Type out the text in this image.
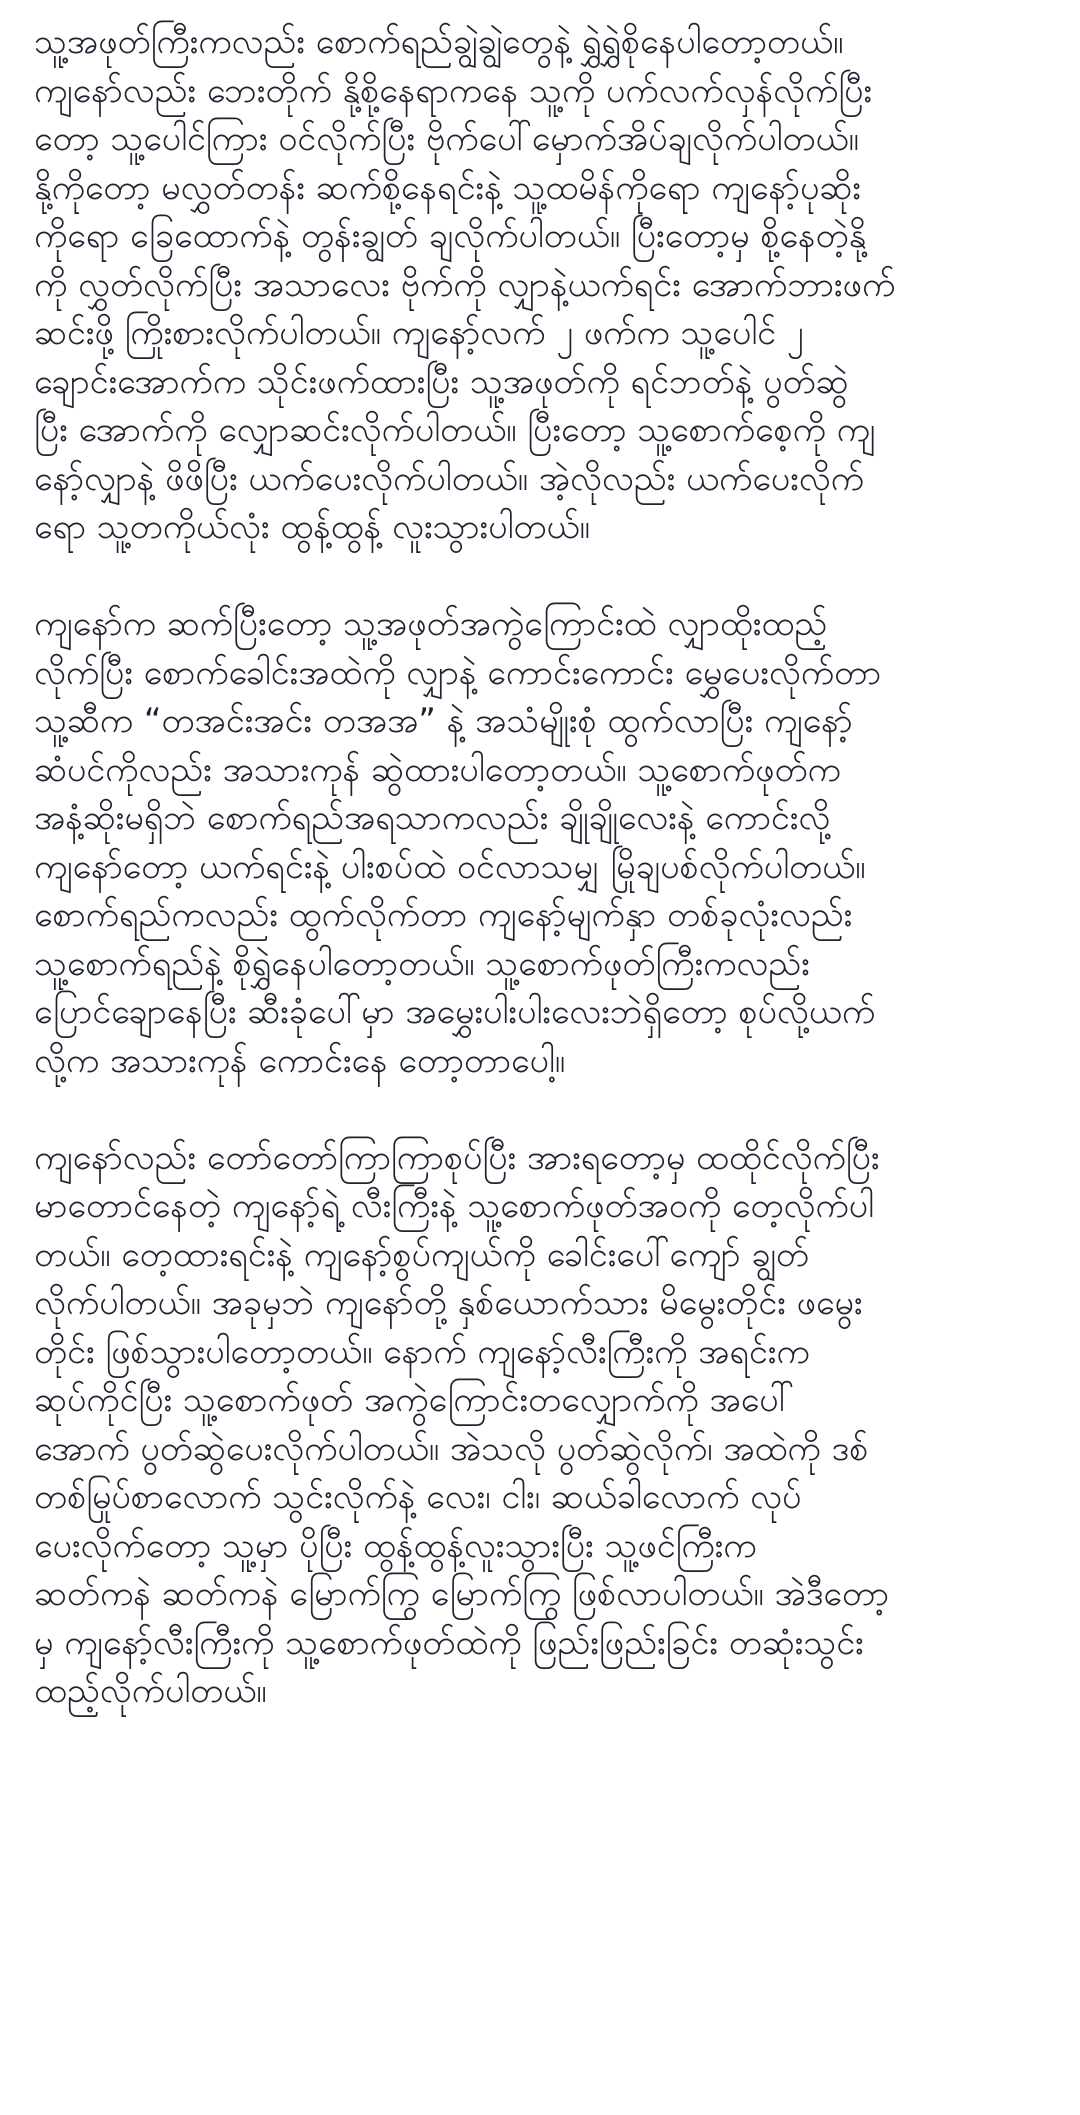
သူ့အဖုတ်ကြီးကလည်း စောက်ရည်ချွဲချွဲတွေနဲ့ ရွှဲရွှဲစိုနေပါတော့တယ်။
ကျနော်လည်း ဘေးတိုက် နို့စို့နေရာကနေ သူ့ကို ပက်လက်လှန်လိုက်ပြီး
တော့ သူ့ပေါင်ကြား ဝင်လိုက်ပြီး ဗိုက်ပေါ်မှောက်အိပ်ချလိုက်ပါတယ်။
နို့ကိုတော့ မလွှတ်တန်း ဆက်စို့နေရင်းနဲ့ သူ့ထမိန်ကိုရော ကျနော့်ပုဆိုး
ကိုရော ခြေထောက်နဲ့ တွန်းချွတ် ချလိုက်ပါတယ်။ ပြီးတော့မှ စို့နေတဲ့နို့
ကို လွှတ်လိုက်ပြီး အသာလေး ဗိုက်ကို လျှာနဲ့ယက်ရင်း အောက်ဘားဖက်
ဆင်းဖို့ ကြိုးစားလိုက်ပါတယ်။ ကျနော့်လက် ၂ ဖက်က သူ့ပေါင် ၂
ချောင်းအောက်က သိုင်းဖက်ထားပြီး သူ့အဖုတ်ကို ရင်ဘတ်နဲ့ ပွတ်ဆွဲ
ပြီး အောက်ကို လျှောဆင်းလိုက်ပါတယ်။ ပြီးတော့ သူ့စောက်စေ့ကို ကျ
နော့်လျှာနဲ့ ဖိဖိပြီး ယက်ပေးလိုက်ပါတယ်။ အဲ့လိုလည်း ယက်ပေးလိုက်
ရော သူ့တကိုယ်လုံး ထွန့်ထွန့် လူးသွားပါတယ်။
ကျနော်က ဆက်ပြီးတော့ သူ့အဖုတ်အကွဲကြောင်းထဲ လျှာထိုးထည့်
လိုက်ပြီး စောက်ခေါင်းအထဲကို လျှာနဲ့ ကောင်းကောင်း မွှေပေးလိုက်တာ
သူ့ဆီက “တအင်းအင်း တအအ” နဲ့ အသံမျိုးစုံ ထွက်လာပြီး ကျနော့်
ဆံပင်ကိုလည်း အသားကုန် ဆွဲထားပါတော့တယ်။ သူ့စောက်ဖုတ်က
အနံ့ဆိုးမရှိဘဲ စောက်ရည်အရသာကလည်း ချိုချိုလေးနဲ့ ကောင်းလို့
ကျနော်တော့ ယက်ရင်းနဲ့ ပါးစပ်ထဲ ဝင်လာသမျှ မြိုချပစ်လိုက်ပါတယ်။
စောက်ရည်ကလည်း ထွက်လိုက်တာ ကျနော့်မျက်နှာ တစ်ခုလုံးလည်း
သူ့စောက်ရည်နဲ့ စိုရွှဲနေပါတော့တယ်။ သူ့စောက်ဖုတ်ကြီးကလည်း
ပြောင်ချောနေပြီး ဆီးခုံပေါ်မှာ အမွှေးပါးပါးလေးဘဲရှိတော့ စုပ်လို့ယက်
လို့က အသားကုန် ကောင်းနေ တော့တာပေါ့။
ကျနော်လည်း တော်တော်ကြာကြာစုပ်ပြီး အားရတော့မှ ထထိုင်လိုက်ပြီး
မာတောင်နေတဲ့ ကျနော့်ရဲ့ လီးကြီးနဲ့ သူ့စောက်ဖုတ်အဝကို တေ့လိုက်ပါ
တယ်။ တေ့ထားရင်းနဲ့ ကျနော့်စွပ်ကျယ်ကို ခေါင်းပေါ်ကျော် ချွတ်
လိုက်ပါတယ်။ အခုမှဘဲ ကျနော်တို့ နှစ်ယောက်သား မိမွေးတိုင်း ဖမွေး
တိုင်း ဖြစ်သွားပါတော့တယ်။ နောက် ကျနော့်လီးကြီးကို အရင်းက
ဆုပ်ကိုင်ပြီး သူ့စောက်ဖုတ် အကွဲကြောင်းတလျှောက်ကို အပေါ်
အောက် ပွတ်ဆွဲပေးလိုက်ပါတယ်။ အဲသလို ပွတ်ဆွဲလိုက်၊ အထဲကို ဒစ်
တစ်မြုပ်စာလောက် သွင်းလိုက်နဲ့ လေး၊ ငါး၊ ဆယ်ခါလောက် လုပ်
ပေးလိုက်တော့ သူ့မှာ ပိုပြီး ထွန့်ထွန့်လူးသွားပြီး သူ့ဖင်ကြီးက
ဆတ်ကနဲ ဆတ်ကနဲ မြောက်ကြွ မြောက်ကြွ ဖြစ်လာပါတယ်။ အဲဒီတော့
မှ ကျနော့်လီးကြီးကို သူ့စောက်ဖုတ်ထဲကို ဖြည်းဖြည်းခြင်း တဆုံးသွင်း
ထည့်လိုက်ပါတယ်။
